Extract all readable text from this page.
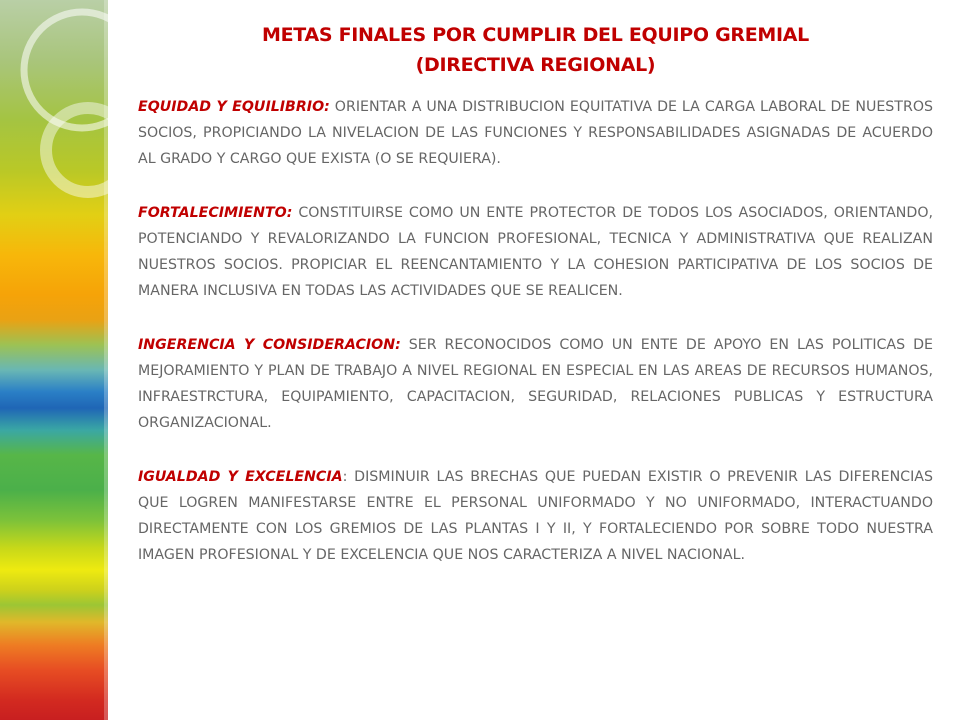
METAS FINALES POR CUMPLIR DEL EQUIPO GREMIAL
(DIRECTIVA REGIONAL)

EQUIDAD Y EQUILIBRIO: ORIENTAR A UNA DISTRIBUCION EQUITATIVA DE LA CARGA LABORAL DE NUESTROS SOCIOS, PROPICIANDO LA NIVELACION DE LAS FUNCIONES Y RESPONSABILIDADES ASIGNADAS DE ACUERDO AL GRADO Y CARGO QUE EXISTA (O SE REQUIERA).

FORTALECIMIENTO: CONSTITUIRSE COMO UN ENTE PROTECTOR DE TODOS LOS ASOCIADOS, ORIENTANDO, POTENCIANDO Y REVALORIZANDO LA FUNCION PROFESIONAL, TECNICA Y ADMINISTRATIVA QUE REALIZAN NUESTROS SOCIOS. PROPICIAR EL REENCANTAMIENTO Y LA COHESION PARTICIPATIVA DE LOS SOCIOS DE MANERA INCLUSIVA EN TODAS LAS ACTIVIDADES QUE SE REALICEN.

INGERENCIA Y CONSIDERACION: SER RECONOCIDOS COMO UN ENTE DE APOYO EN LAS POLITICAS DE MEJORAMIENTO Y PLAN DE TRABAJO A NIVEL REGIONAL EN ESPECIAL EN LAS AREAS DE RECURSOS HUMANOS, INFRAESTRCTURA, EQUIPAMIENTO, CAPACITACION, SEGURIDAD, RELACIONES PUBLICAS Y ESTRUCTURA ORGANIZACIONAL.

IGUALDAD Y EXCELENCIA: DISMINUIR LAS BRECHAS QUE PUEDAN EXISTIR O PREVENIR LAS DIFERENCIAS QUE LOGREN MANIFESTARSE ENTRE EL PERSONAL UNIFORMADO Y NO UNIFORMADO, INTERACTUANDO DIRECTAMENTE CON LOS GREMIOS DE LAS PLANTAS I Y II, Y FORTALECIENDO POR SOBRE TODO NUESTRA IMAGEN PROFESIONAL Y DE EXCELENCIA QUE NOS CARACTERIZA A NIVEL NACIONAL.
